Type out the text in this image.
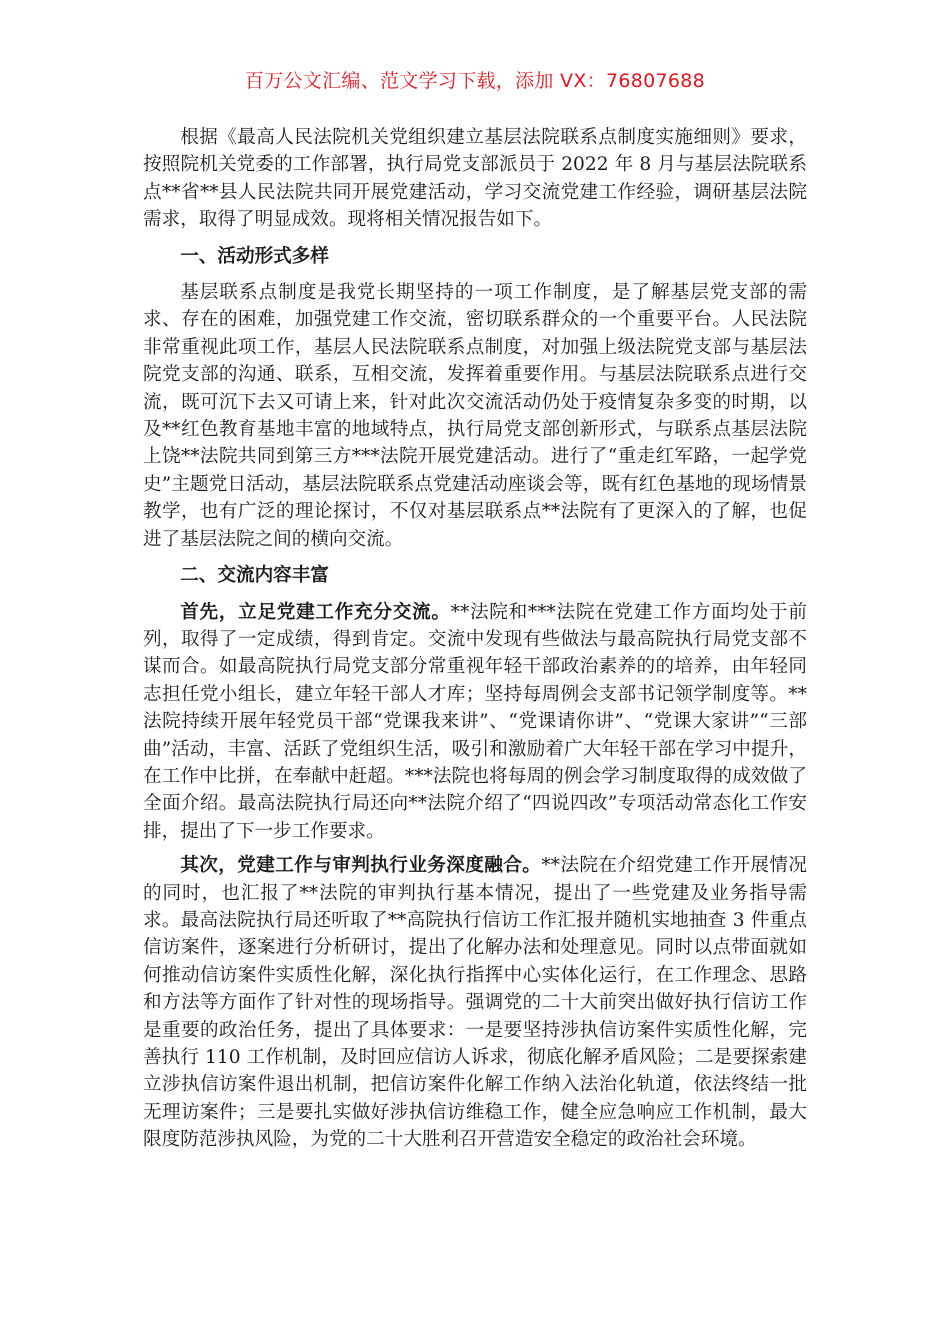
百万公文汇编、范文学习下载，添加 VX：76807688

根据《最高人民法院机关党组织建立基层法院联系点制度实施细则》要求，按照院机关党委的工作部署，执行局党支部派员于 2022 年 8 月与基层法院联系点**省**县人民法院共同开展党建活动，学习交流党建工作经验，调研基层法院需求，取得了明显成效。现将相关情况报告如下。

一、活动形式多样

基层联系点制度是我党长期坚持的一项工作制度，是了解基层党支部的需求、存在的困难，加强党建工作交流，密切联系群众的一个重要平台。人民法院非常重视此项工作，基层人民法院联系点制度，对加强上级法院党支部与基层法院党支部的沟通、联系，互相交流，发挥着重要作用。与基层法院联系点进行交流，既可沉下去又可请上来，针对此次交流活动仍处于疫情复杂多变的时期，以及**红色教育基地丰富的地域特点，执行局党支部创新形式，与联系点基层法院上饶**法院共同到第三方***法院开展党建活动。进行了“重走红军路，一起学党史”主题党日活动，基层法院联系点党建活动座谈会等，既有红色基地的现场情景教学，也有广泛的理论探讨，不仅对基层联系点**法院有了更深入的了解，也促进了基层法院之间的横向交流。

二、交流内容丰富

首先，立足党建工作充分交流。**法院和***法院在党建工作方面均处于前列，取得了一定成绩，得到肯定。交流中发现有些做法与最高院执行局党支部不谋而合。如最高院执行局党支部分常重视年轻干部政治素养的的培养，由年轻同志担任党小组长，建立年轻干部人才库；坚持每周例会支部书记领学制度等。**法院持续开展年轻党员干部“党课我来讲”、“党课请你讲”、“党课大家讲”“三部曲”活动，丰富、活跃了党组织生活，吸引和激励着广大年轻干部在学习中提升，在工作中比拼，在奉献中赶超。***法院也将每周的例会学习制度取得的成效做了全面介绍。最高法院执行局还向**法院介绍了“四说四改”专项活动常态化工作安排，提出了下一步工作要求。

其次，党建工作与审判执行业务深度融合。**法院在介绍党建工作开展情况的同时，也汇报了**法院的审判执行基本情况，提出了一些党建及业务指导需求。最高法院执行局还听取了**高院执行信访工作汇报并随机实地抽查 3 件重点信访案件，逐案进行分析研讨，提出了化解办法和处理意见。同时以点带面就如何推动信访案件实质性化解，深化执行指挥中心实体化运行，在工作理念、思路和方法等方面作了针对性的现场指导。强调党的二十大前突出做好执行信访工作是重要的政治任务，提出了具体要求：一是要坚持涉执信访案件实质性化解，完善执行 110 工作机制，及时回应信访人诉求，彻底化解矛盾风险；二是要探索建立涉执信访案件退出机制，把信访案件化解工作纳入法治化轨道，依法终结一批无理访案件；三是要扎实做好涉执信访维稳工作，健全应急响应工作机制，最大限度防范涉执风险，为党的二十大胜利召开营造安全稳定的政治社会环境。
